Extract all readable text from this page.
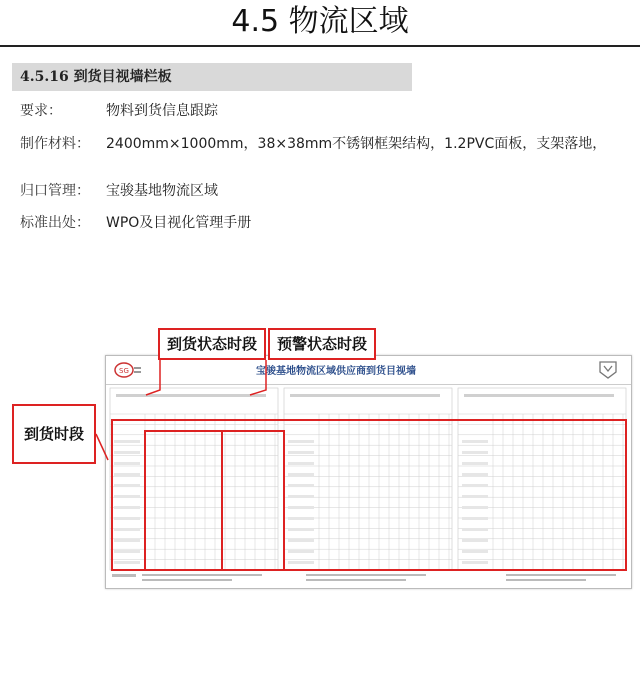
4.5 物流区域
4.5.16 到货目视墙栏板
要求：	物料到货信息跟踪
制作材料：	2400mm×1000mm，38×38mm不锈钢框架结构，1.2PVC面板，支架落地，
归口管理：	宝骏基地物流区域
标准出处：	WPO及目视化管理手册
SG	宝骏基地物流区域供应商到货目视墙
到货状态时段	预警状态时段
到货时段
